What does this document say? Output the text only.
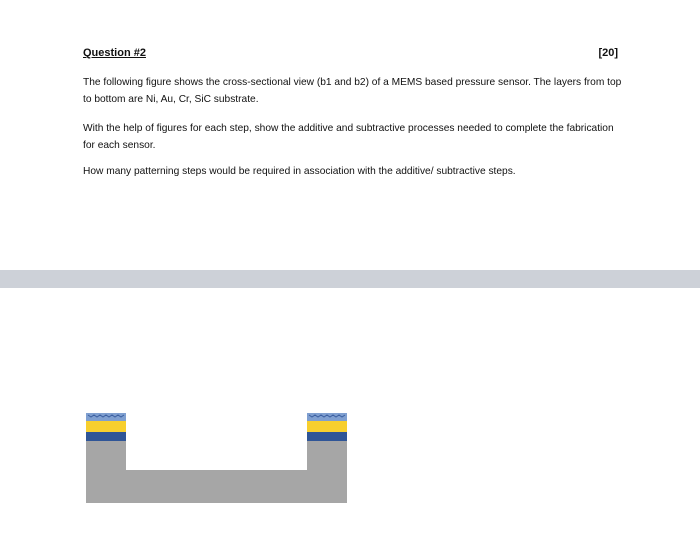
Question #2	[20]

The following figure shows the cross-sectional view (b1 and b2) of a MEMS based pressure sensor. The layers from top to bottom are Ni, Au, Cr, SiC substrate.

With the help of figures for each step, show the additive and subtractive processes needed to complete the fabrication for each sensor.

How many patterning steps would be required in association with the additive/ subtractive steps.
